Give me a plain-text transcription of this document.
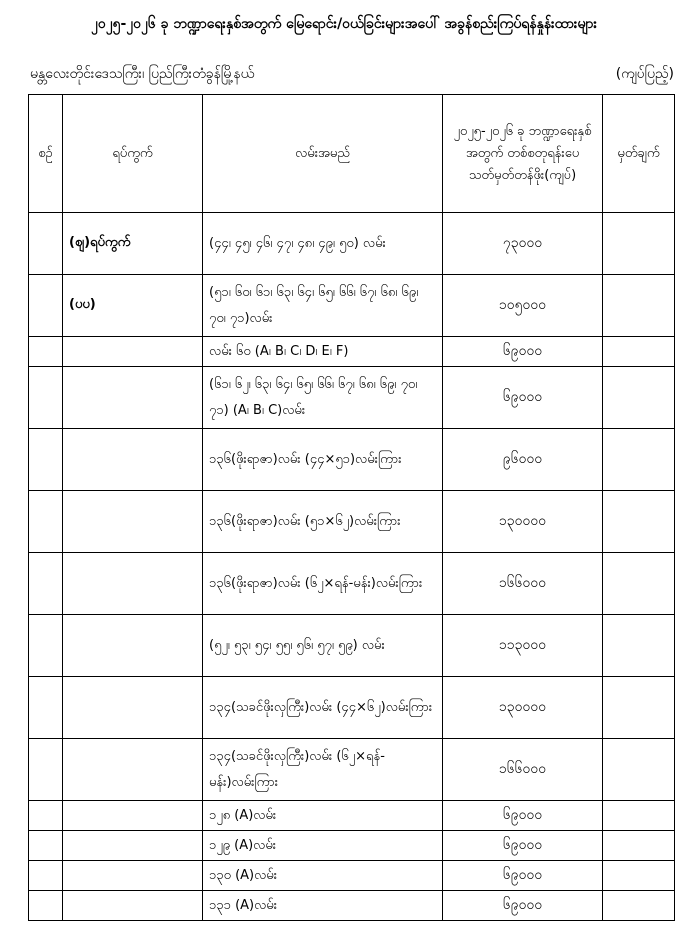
၂၀၂၅-၂၀၂၆ ခု ဘဏ္ဍာရေးနှစ်အတွက် မြေရောင်း/ဝယ်ခြင်းများအပေါ် အခွန်စည်းကြပ်ရန်နှုန်းထားများ
မန္တလေးတိုင်းဒေသကြီး၊ ပြည်ကြီးတံခွန်မြို့နယ်	(ကျပ်ပြည့်)
စဉ်	ရပ်ကွက်	လမ်းအမည်	၂၀၂၅-၂၀၂၆ ခု ဘဏ္ဍာရေးနှစ်အတွက် တစ်စတုရန်းပေ သတ်မှတ်တန်ဖိုး(ကျပ်)	မှတ်ချက်
	(ဈ)ရပ်ကွက်	(၄၄၊ ၄၅၊ ၄၆၊ ၄၇၊ ၄၈၊ ၄၉၊ ၅၀) လမ်း	၇၃၀၀၀	
	(ပပ)	(၅၁၊ ၆၀၊ ၆၁၊ ၆၃၊ ၆၄၊ ၆၅၊ ၆၆၊ ၆၇၊ ၆၈၊ ၆၉၊ ၇၀၊ ၇၁)လမ်း	၁၀၅၀၀၀	
		လမ်း ၆၀ (A၊ B၊ C၊ D၊ E၊ F)	၆၉၀၀၀	
		(၆၁၊ ၆၂၊ ၆၃၊ ၆၄၊ ၆၅၊ ၆၆၊ ၆၇၊ ၆၈၊ ၆၉၊ ၇၀၊ ၇၁) (A၊ B၊ C)လမ်း	၆၉၀၀၀	
		၁၃၆(ဖိုးရာဇာ)လမ်း (၄၄×၅၁)လမ်းကြား	၉၆၀၀၀	
		၁၃၆(ဖိုးရာဇာ)လမ်း (၅၁×၆၂)လမ်းကြား	၁၃၀၀၀၀	
		၁၃၆(ဖိုးရာဇာ)လမ်း (၆၂×ရန်-မန်း)လမ်းကြား	၁၆၆၀၀၀	
		(၅၂၊ ၅၃၊ ၅၄၊ ၅၅၊ ၅၆၊ ၅၇၊ ၅၉) လမ်း	၁၁၃၀၀၀	
		၁၃၄(သခင်ဖိုးလှကြီး)လမ်း (၄၄×၆၂)လမ်းကြား	၁၃၀၀၀၀	
		၁၃၄(သခင်ဖိုးလှကြီး)လမ်း (၆၂×ရန်-မန်း)လမ်းကြား	၁၆၆၀၀၀	
		၁၂၈ (A)လမ်း	၆၉၀၀၀	
		၁၂၉ (A)လမ်း	၆၉၀၀၀	
		၁၃၀ (A)လမ်း	၆၉၀၀၀	
		၁၃၁ (A)လမ်း	၆၉၀၀၀	
